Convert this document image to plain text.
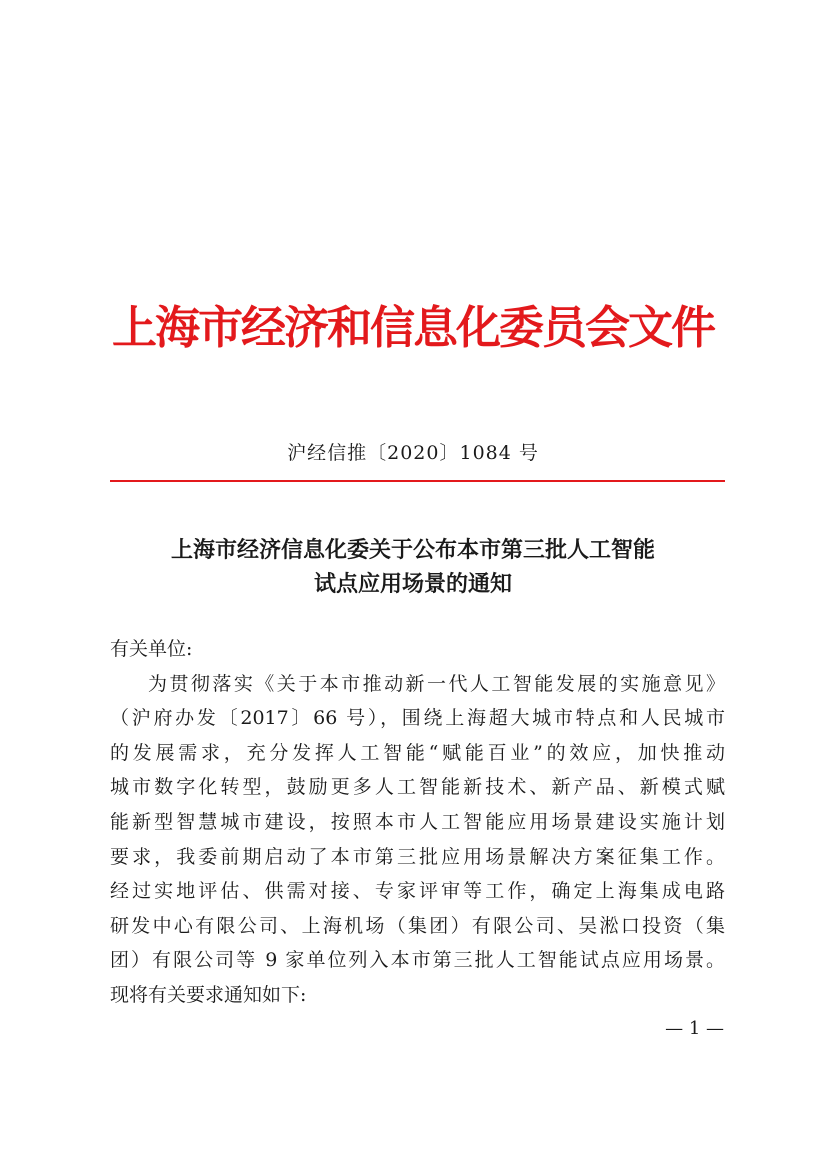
上海市经济和信息化委员会文件
沪经信推〔2020〕1084 号
上海市经济信息化委关于公布本市第三批人工智能
试点应用场景的通知
有关单位:
为贯彻落实《关于本市推动新一代人工智能发展的实施意见》
（沪府办发〔2017〕66 号），围绕上海超大城市特点和人民城市
的发展需求，充分发挥人工智能“赋能百业”的效应，加快推动
城市数字化转型，鼓励更多人工智能新技术、新产品、新模式赋
能新型智慧城市建设，按照本市人工智能应用场景建设实施计划
要求，我委前期启动了本市第三批应用场景解决方案征集工作。
经过实地评估、供需对接、专家评审等工作，确定上海集成电路
研发中心有限公司、上海机场（集团）有限公司、吴淞口投资（集
团）有限公司等 9 家单位列入本市第三批人工智能试点应用场景。
现将有关要求通知如下:
— 1 —
